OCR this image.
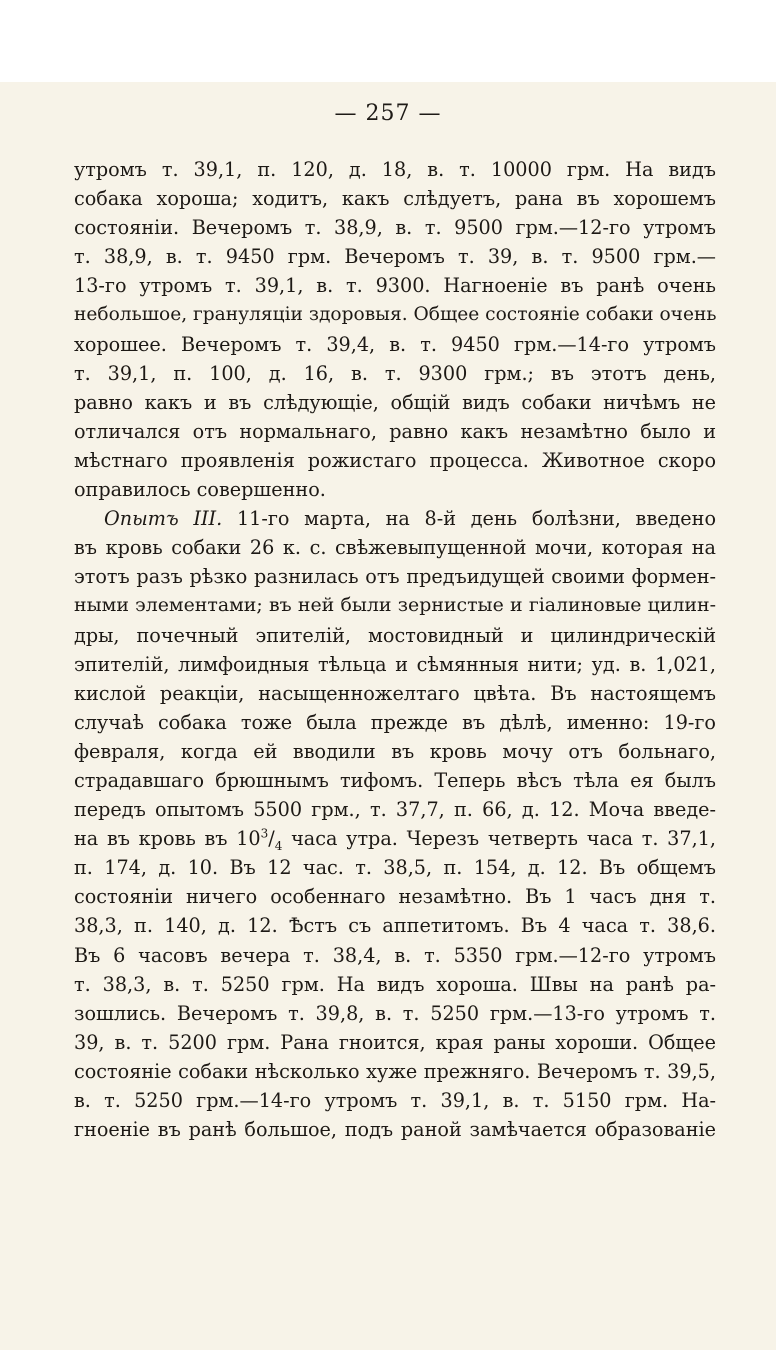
— 257 —
утромъ т. 39,1, п. 120, д. 18, в. т. 10000 грм. На видъ
собака хороша; ходитъ, какъ слѣдуетъ, рана въ хорошемъ
состояніи. Вечеромъ т. 38,9, в. т. 9500 грм.—12-го утромъ
т. 38,9, в. т. 9450 грм. Вечеромъ т. 39, в. т. 9500 грм.—
13-го утромъ т. 39,1, в. т. 9300. Нагноеніе въ ранѣ очень
небольшое, грануляціи здоровыя. Общее состояніе собаки очень
хорошее. Вечеромъ т. 39,4, в. т. 9450 грм.—14-го утромъ
т. 39,1, п. 100, д. 16, в. т. 9300 грм.; въ этотъ день,
равно какъ и въ слѣдующіе, общій видъ собаки ничѣмъ не
отличался отъ нормальнаго, равно какъ незамѣтно было и
мѣстнаго проявленія рожистаго процесса. Животное скоро
оправилось совершенно.
Опытъ III. 11-го марта, на 8-й день болѣзни, введено
въ кровь собаки 26 к. с. свѣжевыпущенной мочи, которая на
этотъ разъ рѣзко разнилась отъ предъидущей своими формен-
ными элементами; въ ней были зернистые и гіалиновые цилин-
дры, почечный эпителій, мостовидный и цилиндрическій
эпителій, лимфоидныя тѣльца и сѣмянныя нити; уд. в. 1,021,
кислой реакціи, насыщенножелтаго цвѣта. Въ настоящемъ
случаѣ собака тоже была прежде въ дѣлѣ, именно: 19-го
февраля, когда ей вводили въ кровь мочу отъ больнаго,
страдавшаго брюшнымъ тифомъ. Теперь вѣсъ тѣла ея былъ
передъ опытомъ 5500 грм., т. 37,7, п. 66, д. 12. Моча введе-
на въ кровь въ $10^3/_4$ часа утра. Черезъ четверть часа т. 37,1,
п. 174, д. 10. Въ 12 час. т. 38,5, п. 154, д. 12. Въ общемъ
состояніи ничего особеннаго незамѣтно. Въ 1 часъ дня т.
38,3, п. 140, д. 12. Ѣстъ съ аппетитомъ. Въ 4 часа т. 38,6.
Въ 6 часовъ вечера т. 38,4, в. т. 5350 грм.—12-го утромъ
т. 38,3, в. т. 5250 грм. На видъ хороша. Швы на ранѣ ра-
зошлись. Вечеромъ т. 39,8, в. т. 5250 грм.—13-го утромъ т.
39, в. т. 5200 грм. Рана гноится, края раны хороши. Общее
состояніе собаки нѣсколько хуже прежняго. Вечеромъ т. 39,5,
в. т. 5250 грм.—14-го утромъ т. 39,1, в. т. 5150 грм. На-
гноеніе въ ранѣ большое, подъ раной замѣчается образованіе
